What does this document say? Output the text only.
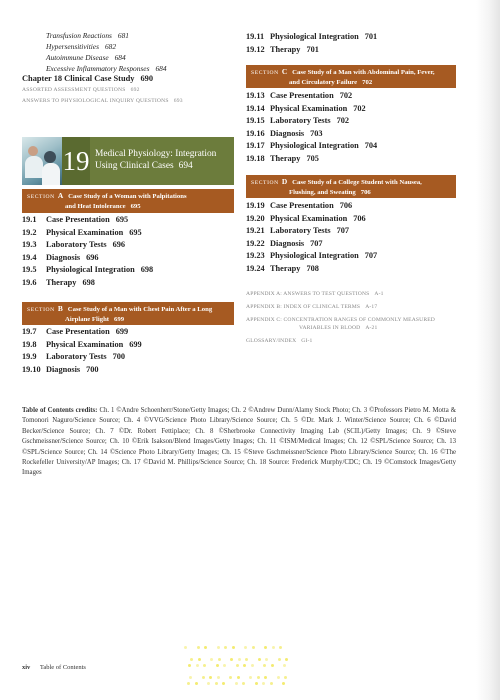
Transfusion Reactions 681
Hypersensitivities 682
Autoimmune Disease 684
Excessive Inflammatory Responses 684
Chapter 18 Clinical Case Study 690
ASSORTED ASSESSMENT QUESTIONS 692
ANSWERS TO PHYSIOLOGICAL INQUIRY QUESTIONS 693
19 Medical Physiology: Integration
Using Clinical Cases 694
SECTION A Case Study of a Woman with Palpitations
and Heat Intolerance 695
19.1	Case Presentation 695
19.2	Physical Examination 695
19.3	Laboratory Tests 696
19.4	Diagnosis 696
19.5	Physiological Integration 698
19.6	Therapy 698
SECTION B Case Study of a Man with Chest Pain After a Long
Airplane Flight 699
19.7	Case Presentation 699
19.8	Physical Examination 699
19.9	Laboratory Tests 700
19.10 Diagnosis 700
19.11 Physiological Integration 701
19.12 Therapy 701
SECTION C Case Study of a Man with Abdominal Pain, Fever,
and Circulatory Failure 702
19.13 Case Presentation 702
19.14 Physical Examination 702
19.15 Laboratory Tests 702
19.16 Diagnosis 703
19.17 Physiological Integration 704
19.18 Therapy 705
SECTION D Case Study of a College Student with Nausea,
Flushing, and Sweating 706
19.19 Case Presentation 706
19.20 Physical Examination 706
19.21 Laboratory Tests 707
19.22 Diagnosis 707
19.23 Physiological Integration 707
19.24 Therapy 708
APPENDIX A: ANSWERS TO TEST QUESTIONS A-1
APPENDIX B: INDEX OF CLINICAL TERMS A-17
APPENDIX C: CONCENTRATION RANGES OF COMMONLY MEASURED
VARIABLES IN BLOOD A-21
GLOSSARY/INDEX GI-1
Table of Contents credits: Ch. 1 ©Andre Schoenherr/Stone/Getty Images; Ch. 2 ©Andrew Dunn/Alamy Stock Photo; Ch. 3 ©Professors Pietro M. Motta & Tomonori Naguro/Science Source; Ch. 4 ©VVG/Science Photo Library/Science Source; Ch. 5 ©Dr. Mark J. Winter/Science Source; Ch. 6 ©David Becker/Science Source; Ch. 7 ©Dr. Robert Fettiplace; Ch. 8 ©Sherbrooke Connectivity Imaging Lab (SCIL)/Getty Images; Ch. 9 ©Steve Gschmeissner/Science Source; Ch. 10 ©Erik Isakson/Blend Images/Getty Images; Ch. 11 ©ISM/Medical Images; Ch. 12 ©SPL/Science Source; Ch. 13 ©SPL/Science Source; Ch. 14 ©Science Photo Library/Getty Images; Ch. 15 ©Steve Gschmeissner/Science Photo Library/Science Source; Ch. 16 ©The Rockefeller University/AP Images; Ch. 17 ©David M. Phillips/Science Source; Ch. 18 Source: Frederick Murphy/CDC; Ch. 19 ©Comstock Images/Getty Images
xiv Table of Contents
